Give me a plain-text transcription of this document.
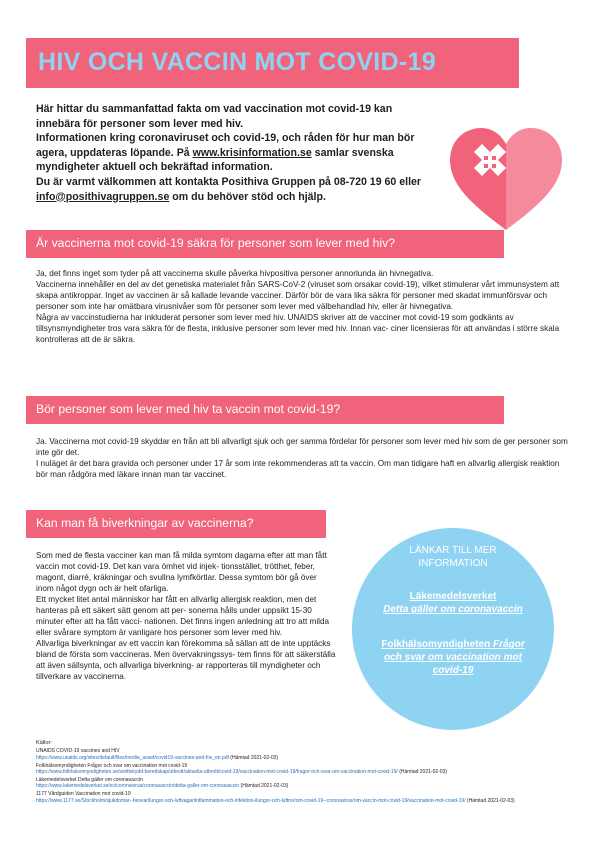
HIV OCH VACCIN MOT COVID-19
Här hittar du sammanfattad fakta om vad vaccination mot covid-19 kan innebära för personer som lever med hiv.
Informationen kring coronaviruset och covid-19, och råden för hur man bör agera, uppdateras löpande. På www.krisinformation.se samlar svenska myndigheter aktuell och bekräftad information.
Du är varmt välkommen att kontakta Posithiva Gruppen på 08-720 19 60 eller info@posithivagruppen.se om du behöver stöd och hjälp.
Är vaccinerna mot covid-19 säkra för personer som lever med hiv?

Ja, det finns inget som tyder på att vaccinerna skulle påverka hivpositiva personer annorlunda än hivnegativa.

Vaccinerna innehåller en del av det genetiska materialet från SARS-CoV-2 (viruset som orsakar covid-19), vilket stimulerar vårt immunsystem att skapa antikroppar. Inget av vaccinen är så kallade levande vacciner. Därför bör de vara lika säkra för personer med skadat immunförsvar och personer som inte har omätbara virusnivåer som för personer som lever med välbehandlad hiv, eller är hivnegativa.

Några av vaccinstudierna har inkluderat personer som lever med hiv. UNAIDS skriver att de vacciner mot covid-19 som godkänts av tillsynsmyndigheter tros vara säkra för de flesta, inklusive personer som lever med hiv. Innan vac- ciner licensieras för att användas i större skala kontrolleras att de är säkra.

Bör personer som lever med hiv ta vaccin mot covid-19?

Ja. Vaccinerna mot covid-19 skyddar en från att bli allvarligt sjuk och ger samma fördelar för personer som lever med hiv som de ger personer som inte gör det.

I nuläget är det bara gravida och personer under 17 år som inte rekommenderas att ta vaccin. Om man tidigare haft en allvarlig allergisk reaktion bör man rådgöra med läkare innan man tar vaccinet.

Kan man få biverkningar av vaccinerna?

Som med de flesta vacciner kan man få milda symtom dagarna efter att man fått vaccin mot covid-19. Det kan vara ömhet vid injek- tionsstället, trötthet, feber, magont, diarré, kräkningar och svullna lymfkörtlar. Dessa symtom bör gå över inom något dygn och är helt ofarliga.

Ett mycket litet antal människor har fått en allvarlig allergisk reaktion, men det hanteras på ett säkert sätt genom att per- sonerna hålls under uppsikt 15-30 minuter efter att ha fått vacci- nationen. Det finns ingen anledning att tro att milda eller svårare symptom är vanligare hos personer som lever med hiv.

Allvarliga biverkningar av ett vaccin kan förekomma så sällan att de inte upptäcks bland de första som vaccineras. Men övervakningssys- tem finns för att säkerställa att även sällsynta, och allvarliga biverkning- ar rapporteras till myndigheter och tillverkare av vaccinerna.

LÄNKAR TILL MER INFORMATION
Läkemedelsverket
Detta gäller om coronavaccin
Folkhälsomyndigheten Frågor och svar om vaccination mot covid-19
Källor:
UNAIDS COVID-19 vaccines and HIV
https://www.unaids.org/sites/default/files/media_asset/covid19-vaccines-and-hiv_en.pdf (Hämtad 2021-02-03)
Folkhälsomyndigheten Frågor och svar om vaccination mot covid-19
https://www.folkhalsomyndigheten.se/smittskydd-beredskap/utbrott/aktuella-utbrott/covid-19/vaccination-mot-covid-19/fragor-och-svar-om-vaccination-mot-covid-19/ (Hämtad 2021-02-03)
Läkemedelsverket Detta gäller om coronavaccin
https://www.lakemedelsverket.se/sv/coronavirus/coronavaccin/detta-galler-om-coronavaccin (Hämtad 2021-02-03)
1177 Vårdguiden Vaccination mot covid-19
https://www.1177.se/Stockholm/sjukdomar--besvar/lungor-och-luftvagar/inflammation-och-infektion-ilungor-och-luftror/om-covid-19--coronavirus/om-vaccin-mot-covid-19/vaccination-mot-covid-19/ (Hämtad 2021-02-03)
